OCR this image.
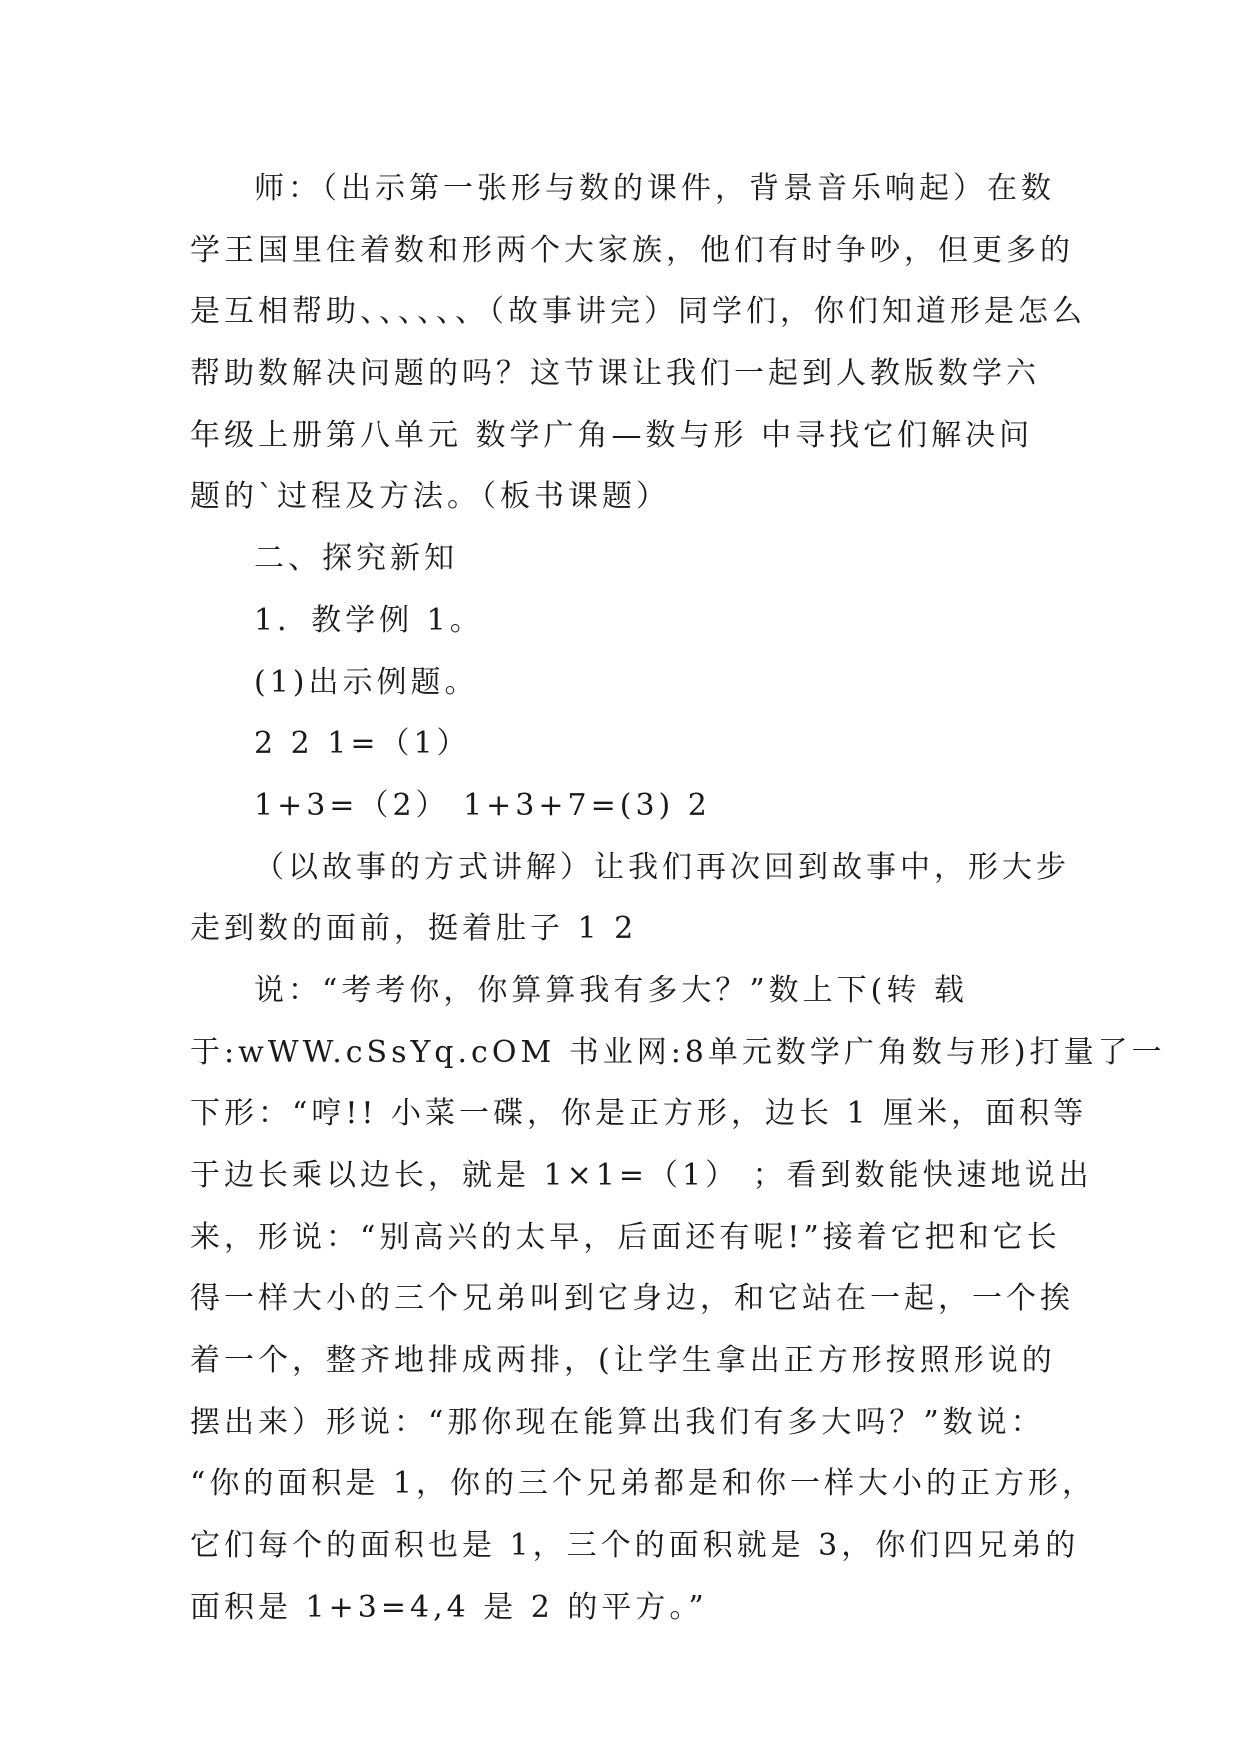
师：（出示第一张形与数的课件，背景音乐响起）在数
学王国里住着数和形两个大家族，他们有时争吵，但更多的
是互相帮助、、、、、、（故事讲完）同学们，你们知道形是怎么
帮助数解决问题的吗？这节课让我们一起到人教版数学六
年级上册第八单元 数学广角—数与形 中寻找它们解决问
题的`过程及方法。（板书课题）
二、探究新知
1．教学例 1。
(1)出示例题。
2 2 1=（1）
1+3=（2） 1+3+7=(3) 2
（以故事的方式讲解）让我们再次回到故事中，形大步
走到数的面前，挺着肚子 1 2
说：“考考你，你算算我有多大？”数上下(转 载
于:wWW.cSsYq.cOM 书业网:8单元数学广角数与形)打量了一
下形：“哼!! 小菜一碟，你是正方形，边长 1 厘米，面积等
于边长乘以边长，就是 1×1=（1） ；看到数能快速地说出
来，形说：“别高兴的太早，后面还有呢!”接着它把和它长
得一样大小的三个兄弟叫到它身边，和它站在一起，一个挨
着一个，整齐地排成两排，(让学生拿出正方形按照形说的
摆出来）形说：“那你现在能算出我们有多大吗？”数说：
“你的面积是 1，你的三个兄弟都是和你一样大小的正方形，
它们每个的面积也是 1，三个的面积就是 3，你们四兄弟的
面积是 1+3=4,4 是 2 的平方。”
